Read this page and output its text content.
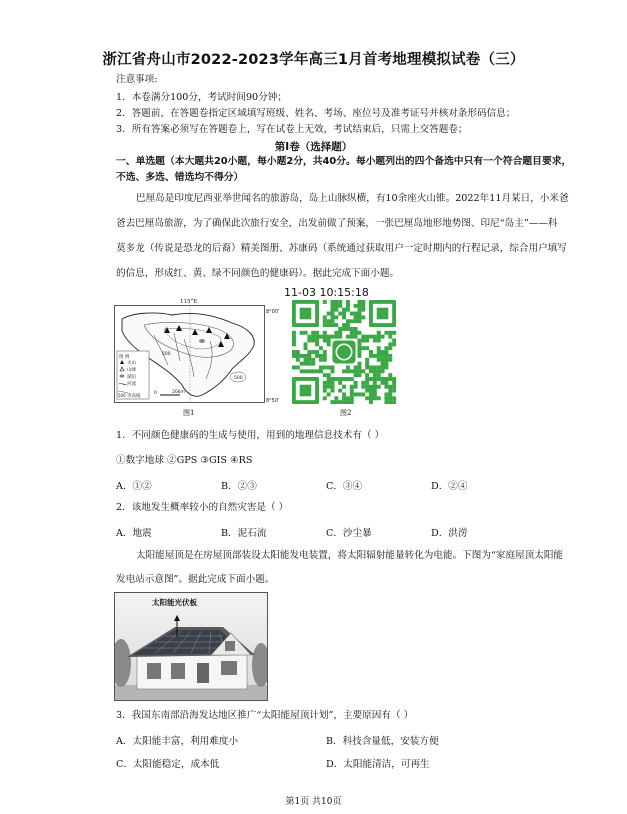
浙江省舟山市2022-2023学年高三1月首考地理模拟试卷（三）
注意事项:
1．本卷满分100分，考试时间90分钟；
2．答题前，在答题卷指定区域填写班级、姓名、考场、座位号及准考证号并核对条形码信息；
3．所有答案必须写在答题卷上，写在试卷上无效，考试结束后，只需上交答题卷；
第Ⅰ卷（选择题）
一、单选题（本大题共20小题，每小题2分，共40分。每小题列出的四个备选中只有一个符合题目要求，
不选、多选、错选均不得分）
巴厘岛是印度尼西亚举世闻名的旅游岛，岛上山脉纵横，有10余座火山锥。2022年11月某日，小米爸
爸去巴厘岛旅游，为了确保此次旅行安全，出发前做了预案，一张巴厘岛地形地势图、印尼“岛主”——科
莫多龙（传说是恐龙的后裔）精美图册、苏康码（系统通过获取用户一定时期内的行程记录，综合用户填写
的信息，形成红、黄、绿不同颜色的健康码）。据此完成下面小题。
图 例
火山
山峰
湖泊
河流
500 等高线
0	20km
500
500
8°00'
8°50'
115°E
图1
11-03 10:15:18
图2
1．不同颜色健康码的生成与使用，用到的地理信息技术有（ ）
①数字地球 ②GPS ③GIS ④RS
A．①②	B．②③	C．③④	D．②④
2．该地发生概率较小的自然灾害是（ ）
A．地震	B．泥石流	C．沙尘暴	D．洪涝
太阳能屋顶是在房屋顶部装设太阳能发电装置，将太阳辐射能量转化为电能。下图为“家庭屋顶太阳能
发电站示意图”。据此完成下面小题。
太阳能光伏板
3．我国东南部沿海发达地区推广“太阳能屋顶计划”，主要原因有（ ）
A．太阳能丰富，利用难度小	B．科技含量低，安装方便
C．太阳能稳定，成本低	D．太阳能清洁，可再生
第1页 共10页
